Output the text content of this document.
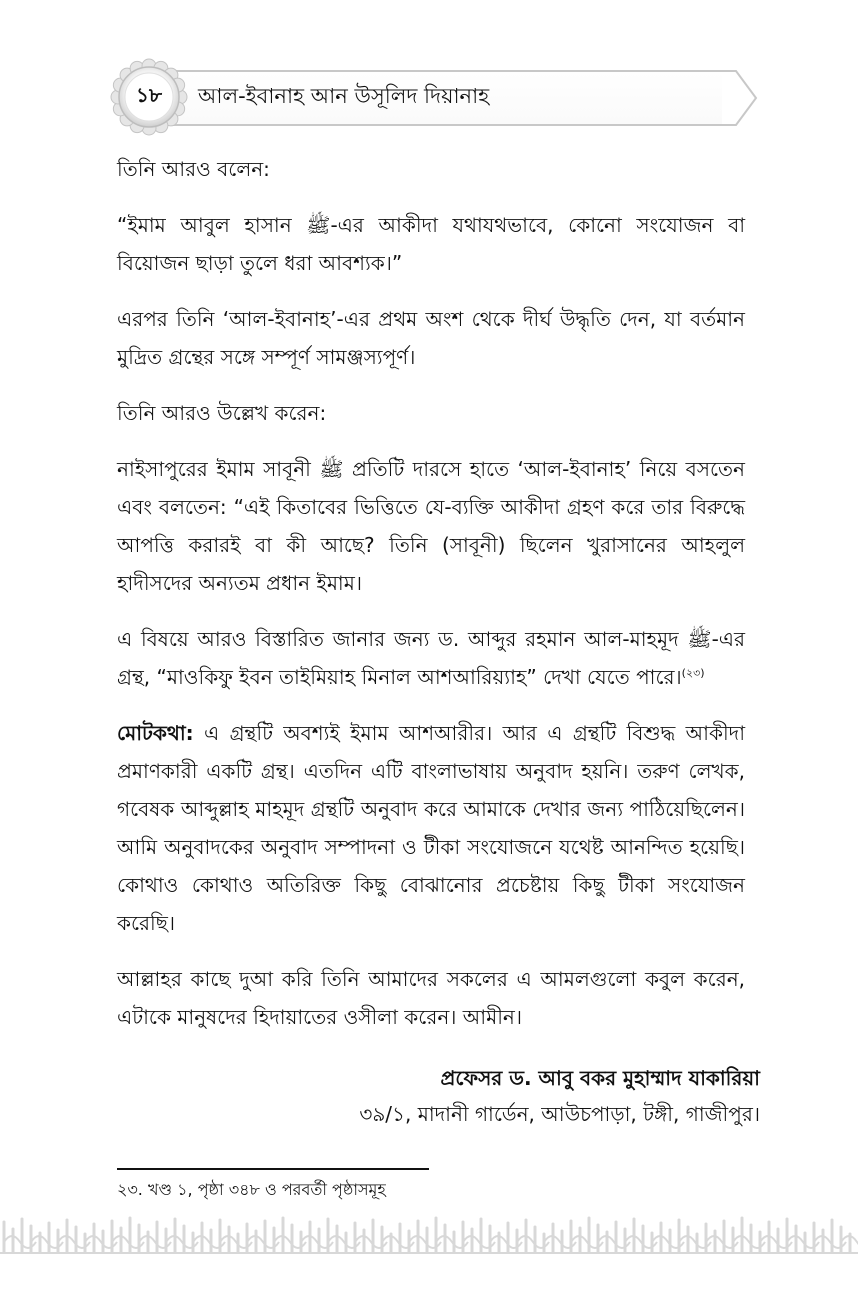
১৮	আল-ইবানাহ আন উসূলিদ দিয়ানাহ

তিনি আরও বলেন:

“ইমাম আবুল হাসান ﷺ-এর আকীদা যথাযথভাবে, কোনো সংযোজন বা বিয়োজন ছাড়া তুলে ধরা আবশ্যক।”

এরপর তিনি ‘আল-ইবানাহ’-এর প্রথম অংশ থেকে দীর্ঘ উদ্ধৃতি দেন, যা বর্তমান মুদ্রিত গ্রন্থের সঙ্গে সম্পূর্ণ সামঞ্জস্যপূর্ণ।

তিনি আরও উল্লেখ করেন:

নাইসাপুরের ইমাম সাবূনী ﷺ প্রতিটি দারসে হাতে ‘আল-ইবানাহ’ নিয়ে বসতেন এবং বলতেন: “এই কিতাবের ভিত্তিতে যে-ব্যক্তি আকীদা গ্রহণ করে তার বিরুদ্ধে আপত্তি করারই বা কী আছে? তিনি (সাবূনী) ছিলেন খুরাসানের আহলুল হাদীসদের অন্যতম প্রধান ইমাম।

এ বিষয়ে আরও বিস্তারিত জানার জন্য ড. আব্দুর রহমান আল-মাহমূদ ﷺ-এর গ্রন্থ, “মাওকিফু ইবন তাইমিয়াহ মিনাল আশআরিয়্যাহ” দেখা যেতে পারে।$^{(২৩)}$

মোটকথা: এ গ্রন্থটি অবশ্যই ইমাম আশআরীর। আর এ গ্রন্থটি বিশুদ্ধ আকীদা প্রমাণকারী একটি গ্রন্থ। এতদিন এটি বাংলাভাষায় অনুবাদ হয়নি। তরুণ লেখক, গবেষক আব্দুল্লাহ মাহমূদ গ্রন্থটি অনুবাদ করে আমাকে দেখার জন্য পাঠিয়েছিলেন। আমি অনুবাদকের অনুবাদ সম্পাদনা ও টীকা সংযোজনে যথেষ্ট আনন্দিত হয়েছি। কোথাও কোথাও অতিরিক্ত কিছু বোঝানোর প্রচেষ্টায় কিছু টীকা সংযোজন করেছি।

আল্লাহর কাছে দুআ করি তিনি আমাদের সকলের এ আমলগুলো কবুল করেন, এটাকে মানুষদের হিদায়াতের ওসীলা করেন। আমীন।

প্রফেসর ড. আবু বকর মুহাম্মাদ যাকারিয়া
৩৯/১, মাদানী গার্ডেন, আউচপাড়া, টঙ্গী, গাজীপুর।
২৩. খণ্ড ১, পৃষ্ঠা ৩৪৮ ও পরবর্তী পৃষ্ঠাসমূহ
